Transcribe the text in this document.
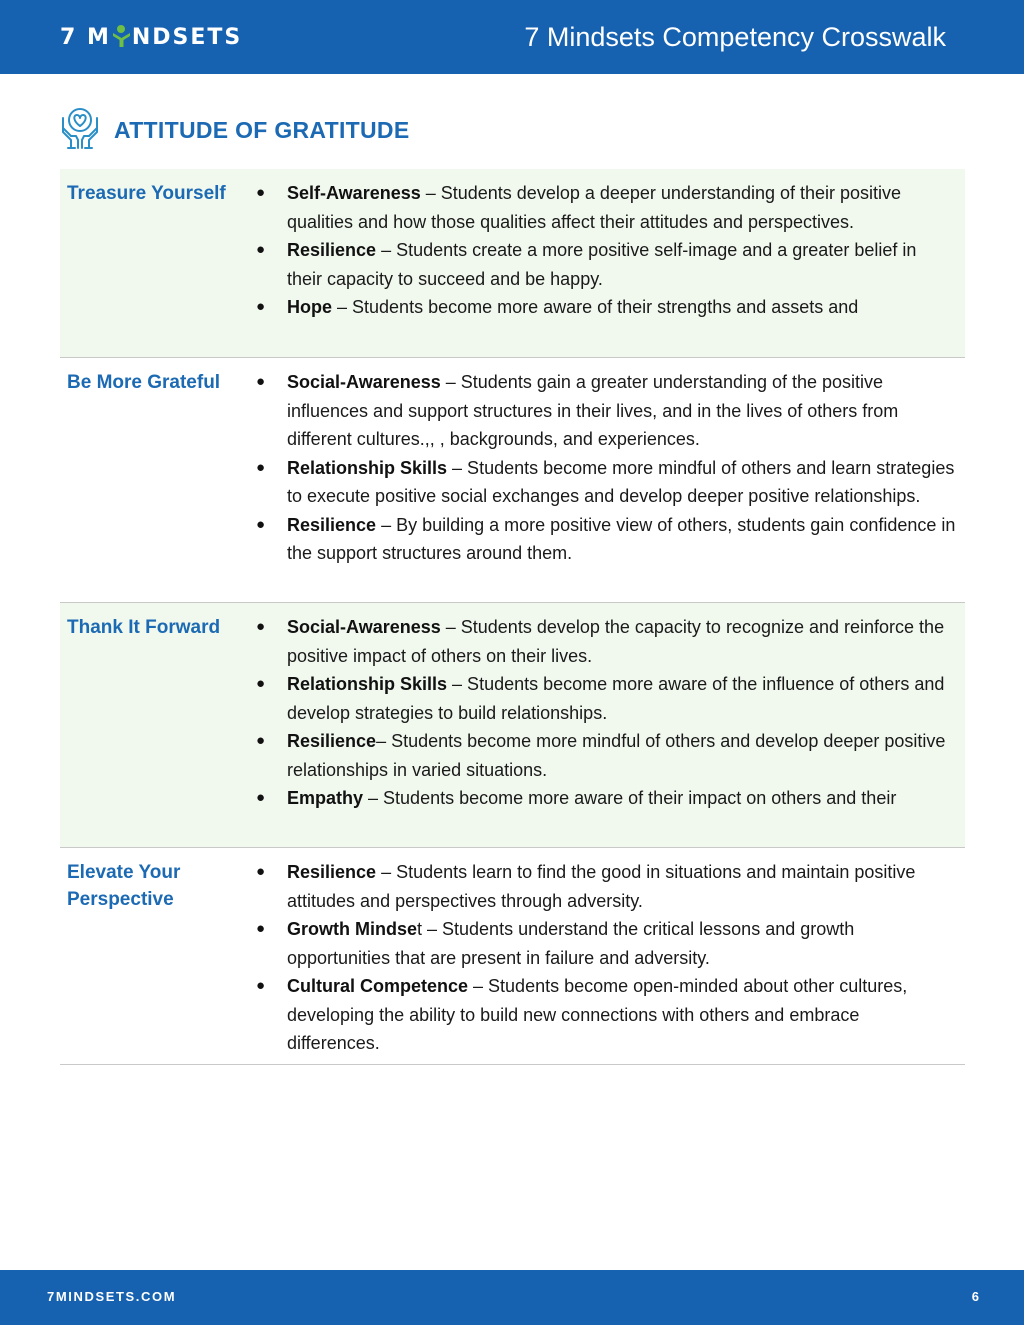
7 M NDSETS	7 Mindsets Competency Crosswalk
ATTITUDE OF GRATITUDE
Treasure Yourself	● Self-Awareness – Students develop a deeper understanding of their positive qualities and how those qualities affect their attitudes and perspectives.
● Resilience – Students create a more positive self-image and a greater belief in their capacity to succeed and be happy.
● Hope – Students become more aware of their strengths and assets and
Be More Grateful	● Social-Awareness – Students gain a greater understanding of the positive influences and support structures in their lives, and in the lives of others from different cultures.,, , backgrounds, and experiences.
● Relationship Skills – Students become more mindful of others and learn strategies to execute positive social exchanges and develop deeper positive relationships.
● Resilience – By building a more positive view of others, students gain confidence in the support structures around them.
Thank It Forward	● Social-Awareness – Students develop the capacity to recognize and reinforce the positive impact of others on their lives.
● Relationship Skills – Students become more aware of the influence of others and develop strategies to build relationships.
● Resilience– Students become more mindful of others and develop deeper positive relationships in varied situations.
● Empathy – Students become more aware of their impact on others and their
Elevate Your Perspective
● Resilience – Students learn to find the good in situations and maintain positive attitudes and perspectives through adversity.
● Growth Mindset – Students understand the critical lessons and growth opportunities that are present in failure and adversity.
● Cultural Competence – Students become open-minded about other cultures, developing the ability to build new connections with others and embrace differences.
7MINDSETS.COM	6
